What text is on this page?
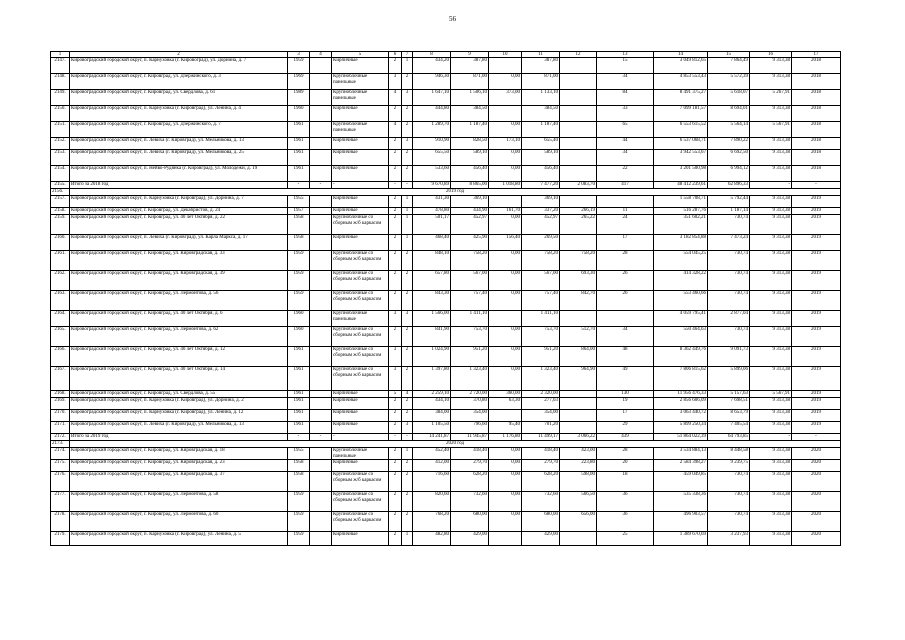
56
1	2	3	4	5	6	7	8	9	10	11	12	13	14	15	16	17
2147.	Кировоградский городской округ, п. Карнуховка (г. Кировоград), ул. Дорнина, д. 7	1959		Кирпичные	2	1	434,20	387,80		387,80		15	3 049 812,65	7 864,49	9 313,38	2018
2148.	Кировоградский городской округ, г. Кировград, ул. Дзержинского, д. 3	1969		Крупноблочные панельные	3	2	946,30	871,00	0,00	871,00		34	4 853 553,43	5 572,39	9 313,38	2018
2149.	Кировоградский городской округ, г. Кировград, ул. Свердлова, д. 61	1989		Крупноблочные панельные	4	3	1 647,10	1 506,10	373,00	1 133,10		84	8 491 375,27	5 618,07	5 267,91	2018
2150.	Кировоградский городской округ, п. Карнуховка (г. Кировград), ул. Ленина, д. 4	1960		Кирпичные	2	2	444,80	384,50		384,50		33	7 099 181,57	8 694,01	9 313,38	2018
2151.	Кировоградский городской округ, г. Кировград, ул. Дзержинского, д. 7	1961		Крупноблочные панельные	4	2	1 289,70	1 187,40	0,00	1 187,40		65	6 553 615,52	5 564,14	5 567,91	2018
2152.	Кировоградский городской округ, п. Левиха (г. Кировград), ул. Мельникова, д. 13	1961		Кирпичные	2	3	910,90	828,50	173,10	655,40		44	6 537 068,71	7 890,22	9 313,38	2018
2153.	Кировоградский городской округ, п. Левиха (г. Кировград), ул. Мельникова, д. 25	1961		Кирпичные	2	2	655,50	589,10	0,00	589,10		34	3 942 553,67	6 692,50	9 313,38	2018
2154.	Кировоградский городской округ, п. Нейво-Рудянка (г. Кировград), ул. Молодежи, д. 19	1961		Кирпичные	2	2	533,60	456,40	0,00	456,40		22	3 201 500,98	6 994,12	9 313,38	2018
2155.	Итого за 2018 год	-	-	-	-	-	9 670,89	8 865,00	1 018,80	7 477,20	2 083,70	417	48 412 239,61	62 896,33	-	-
2156.	2019 год															
2157.	Кировоградский городской округ, п. Карнуховка (г. Кировград), ул. Дорнина, д. 7	1955		Кирпичные	2	1	431,30	369,10		369,10			1 558 708,71	5 792,44	9 313,38	2019
2158.	Кировоградский городской округ, г. Кировград, ул. Декабристов, д. 24	1957		Кирпичные	2	1	478,80	434,90	161,70	337,20	266,19	11	516 287,76	1 187,14	9 313,38	2019
2159.	Кировоградский городской округ, г. Кировград, ул. 40 лет Октября, д. 22	1958		Крупноблочные со сборным ж/б каркасом	2	1	501,17	452,97	0,00	452,97	265,22	24	351 602,21	730,74	9 313,38	2019
2160.	Кировоградский городской округ, п. Левиха (г. Кировград), ул. Карла Маркса, д. 17	1958		Кирпичные	2	1	468,40	425,90	156,40	269,50		17	3 182 854,88	7 473,24	9 313,38	2019
2161.	Кировоградский городской округ, г. Кировград, ул. Кировградская, д. 33	1959		Крупноблочные со сборным ж/б каркасом	2	2	848,10	758,20	0,00	758,20	758,20	28	554 045,25	730,74	9 313,38	2019
2162.	Кировоградский городской округ, г. Кировград, ул. Кировградская, д. 39	1959		Крупноблочные со сборным ж/б каркасом	2	2	657,80	567,00	0,00	567,00	693,30	26	414 328,22	730,74	9 313,38	2019
2163.	Кировоградский городской округ, г. Кировград, ул. Лермонтова, д. 56	1959		Крупноблочные со сборным ж/б каркасом	2	2	843,30	757,40	0,00	757,40	842,70	26	553 460,66	730,74	9 313,38	2019
2164.	Кировоградский городской округ, г. Кировград, ул. 40 лет Октября, д. 6	1960		Крупноблочные панельные	3	3	1 566,00	1 411,10		1 411,10			4 059 795,41	2 877,04	9 313,38	2019
2165.	Кировоградский городской округ, г. Кировград, ул. Лермонтова, д. 62	1960		Крупноблочные со сборным ж/б каркасом	2	2	841,90	753,70	0,00	753,70	512,70	34	550 464,63	730,74	9 313,38	2019
2166.	Кировоградский городской округ, г. Кировград, ул. 40 лет Октября, д. 12	1961		Крупноблочные со сборным ж/б каркасом	3	2	1 024,90	951,20	0,00	951,20	864,00	48	8 362 449,76	9 091,73	9 313,38	2019
2167.	Кировоградский городской округ, г. Кировград, ул. 40 лет Октября, д. 14	1961		Крупноблочные со сборным ж/б каркасом	3	2	1 397,80	1 323,40	0,00	1 323,40	964,90	49	7 806 815,62	5 899,06	9 313,38	2019
2168.	Кировоградский городской округ, г. Кировград, ул. Свердлова, д. 55	1961		Кирпичные	5	4	2 259,10	2 720,00	360,00	2 320,00		130	11 956 476,33	5 157,63	5 567,91	2019
2169.	Кировоградский городской округ, п. Карнуховка (г. Кировград), ул. Дорнина, д. 2	1961		Кирпичные	2	2	434,10	370,80	63,30	277,03		19	2 856 606,09	7 698,51	9 313,38	2019
2170.	Кировоградский городской округ, п. Карнуховка (г. Кировград), ул. Ленина, д. 12	1961		Кирпичные	2	2	384,00	354,00		354,00		17	3 063 440,72	8 653,79	9 313,38	2019
2171.	Кировоградский городской округ, п. Левиха (г. Кировград), ул. Мельникова, д. 13	1961		Кирпичные	2	3	1 105,50	796,60	95,40	701,20		29	5 899 250,34	7 405,54	9 313,38	2019
2172.	Итого за 2019 год	-	-	-	-	-	14 241,87	11 945,87	1 176,80	11 499,17	3 066,22	439	51 864 022,39	64 793,85	-	-
2173.	2020 год															
2174.	Кировоградский городской округ, г. Кировград, ул. Кировградская, д. 18	1955		Крупноблочные панельные	2	1	452,40	418,40	0,00	418,40	423,00	28	3 534 884,13	8 448,58	9 313,38	2020
2175.	Кировоградский городской округ, г. Кировград, ул. Кировградская, д. 23	1958		Кирпичные	2	2	412,00	279,70	0,00	279,70	223,80	20	2 584 398,27	9 239,75	9 313,38	2020
2176.	Кировоградский городской округ, г. Кировград, ул. Кировградская, д. 37	1958		Крупноблочные со сборным ж/б каркасом	2	2	716,60	628,20	0,00	628,20	598,00	18	459 049,85	730,74	9 313,38	2020
2177.	Кировоградский городской округ, г. Кировград, ул. Лермонтова, д. 58	1959		Крупноблочные со сборным ж/б каркасом	2	2	820,60	732,60	0,00	732,60	566,50	36	535 338,36	730,74	9 313,38	2020
2178.	Кировоградский городской округ, г. Кировград, ул. Лермонтова, д. 60	1959		Крупноблочные со сборным ж/б каркасом	2	2	768,20	680,00	0,00	680,00	656,00	36	496 903,57	730,74	9 313,38	2020
2179.	Кировоградский городской округ, п. Карнуховка (г. Кировград), ул. Ленина, д. 5	1959		Кирпичные	2	1	482,80	429,00		429,00		25	1 389 670,69	3 237,93	9 313,38	2020
